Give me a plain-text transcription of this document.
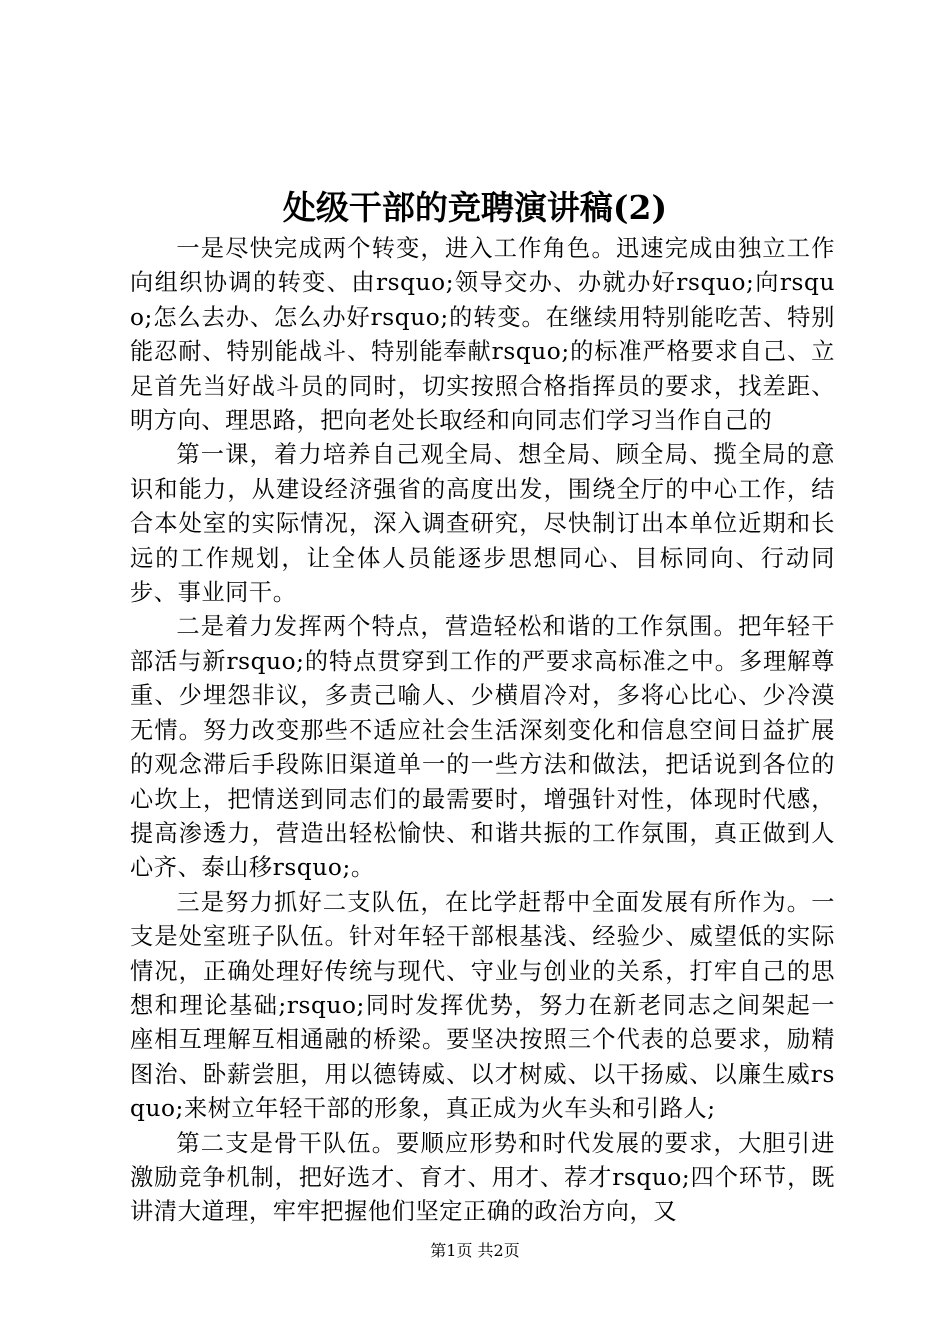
处级干部的竞聘演讲稿(2)

一是尽快完成两个转变，进入工作角色。迅速完成由独立工作向组织协调的转变、由rsquo;领导交办、办就办好rsquo;向rsquo;怎么去办、怎么办好rsquo;的转变。在继续用特别能吃苦、特别能忍耐、特别能战斗、特别能奉献rsquo;的标准严格要求自己、立足首先当好战斗员的同时，切实按照合格指挥员的要求，找差距、明方向、理思路，把向老处长取经和向同志们学习当作自己的

第一课，着力培养自己观全局、想全局、顾全局、揽全局的意识和能力，从建设经济强省的高度出发，围绕全厅的中心工作，结合本处室的实际情况，深入调查研究，尽快制订出本单位近期和长远的工作规划，让全体人员能逐步思想同心、目标同向、行动同步、事业同干。

二是着力发挥两个特点，营造轻松和谐的工作氛围。把年轻干部活与新rsquo;的特点贯穿到工作的严要求高标准之中。多理解尊重、少埋怨非议，多责己喻人、少横眉冷对，多将心比心、少冷漠无情。努力改变那些不适应社会生活深刻变化和信息空间日益扩展的观念滞后手段陈旧渠道单一的一些方法和做法，把话说到各位的心坎上，把情送到同志们的最需要时，增强针对性，体现时代感，提高渗透力，营造出轻松愉快、和谐共振的工作氛围，真正做到人心齐、泰山移rsquo;。

三是努力抓好二支队伍，在比学赶帮中全面发展有所作为。一支是处室班子队伍。针对年轻干部根基浅、经验少、威望低的实际情况，正确处理好传统与现代、守业与创业的关系，打牢自己的思想和理论基础;rsquo;同时发挥优势，努力在新老同志之间架起一座相互理解互相通融的桥梁。要坚决按照三个代表的总要求，励精图治、卧薪尝胆，用以德铸威、以才树威、以干扬威、以廉生威rsquo;来树立年轻干部的形象，真正成为火车头和引路人;

第二支是骨干队伍。要顺应形势和时代发展的要求，大胆引进激励竞争机制，把好选才、育才、用才、荐才rsquo;四个环节，既讲清大道理，牢牢把握他们坚定正确的政治方向，又

第1页 共2页
